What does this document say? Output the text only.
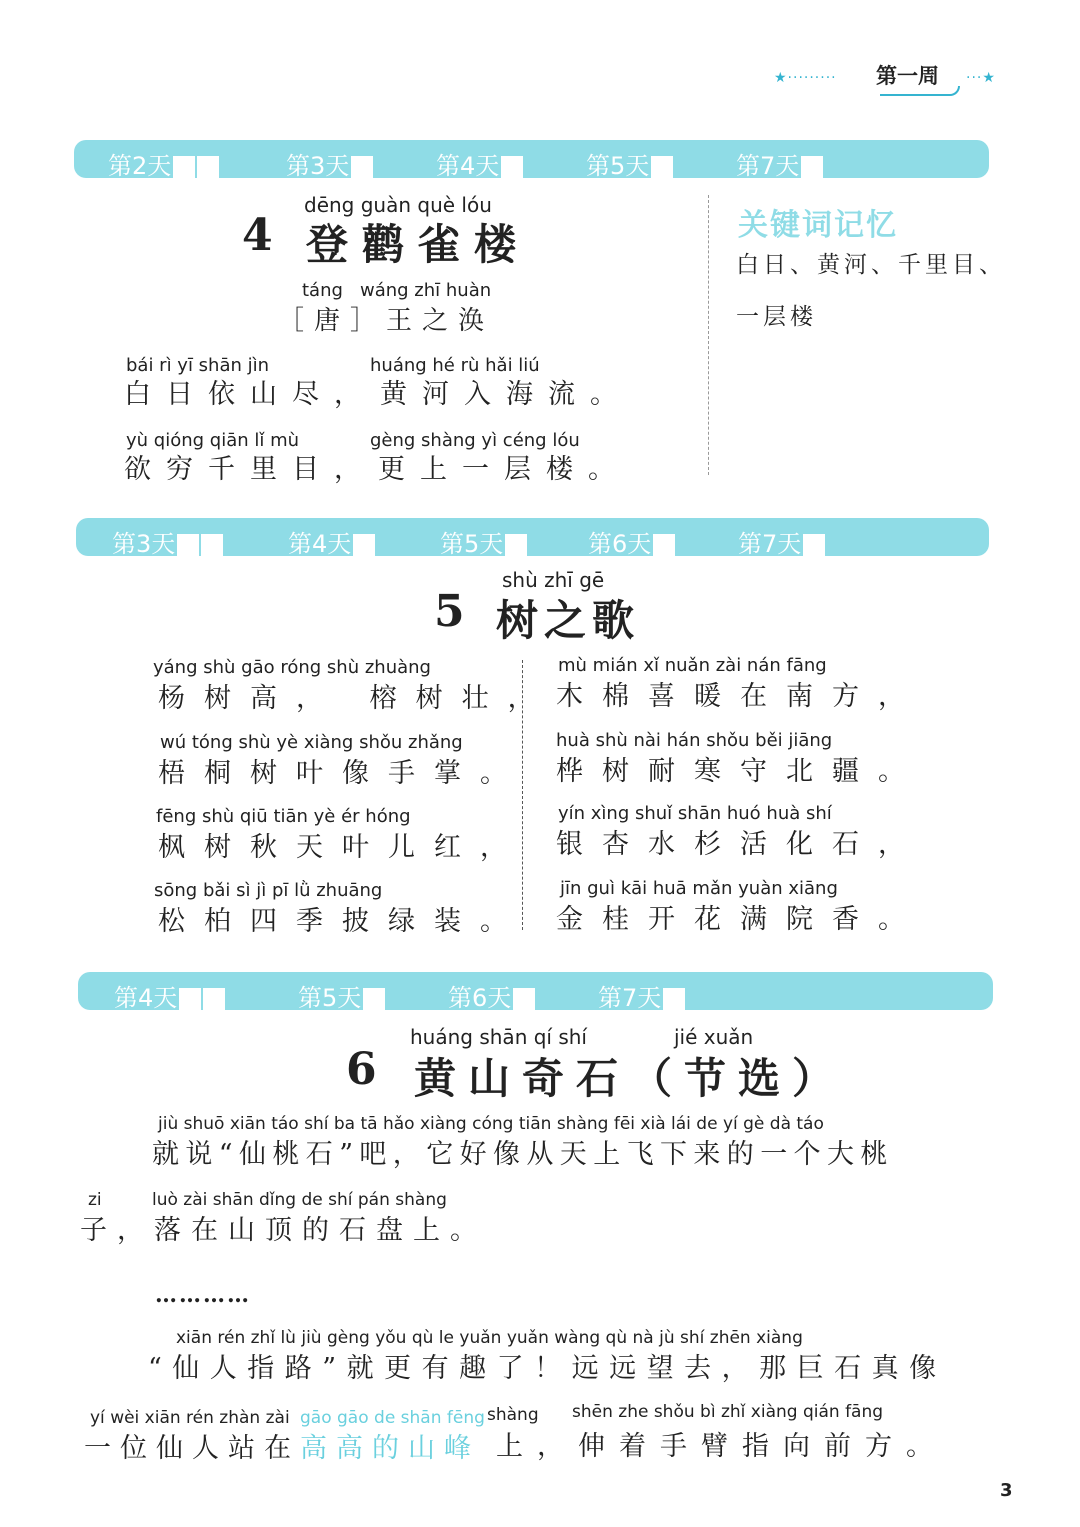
★········· 第一周 ···★
第2天	第3天	第4天	第5天	第7天
dēng guàn què lóu
4 登鹳雀楼
táng wáng zhī huàn
［唐］王之涣
bái rì yī shān jìn
白日依山尽，
huáng hé rù hǎi liú
黄河入海流。
yù qióng qiān lǐ mù
欲穷千里目，
gèng shàng yì céng lóu
更上一层楼。
关键词记忆
白日、黄河、千里目、
一层楼
第3天	第4天	第5天	第6天	第7天
shù zhī gē
5 树之歌
yáng shù gāo róng shù zhuàng
杨树高， 榕树壮，
wú tóng shù yè xiàng shǒu zhǎng
梧桐树叶像手掌。
fēng shù qiū tiān yè ér hóng
枫树秋天叶儿红，
sōng bǎi sì jì pī lǜ zhuāng
松柏四季披绿装。
mù mián xǐ nuǎn zài nán fāng
木棉喜暖在南方，
huà shù nài hán shǒu běi jiāng
桦树耐寒守北疆。
yín xìng shuǐ shān huó huà shí
银杏水杉活化石，
jīn guì kāi huā mǎn yuàn xiāng
金桂开花满院香。
第4天	第5天	第6天	第7天
huáng shān qí shí	jié xuǎn
6 黄山奇石（节选）
jiù shuō xiān táo shí ba tā hǎo xiàng cóng tiān shàng fēi xià lái de yí gè dà táo
就说“仙桃石”吧，它好像从天上飞下来的一个大桃
zi	luò zài shān dǐng de shí pán shàng
子，落在山顶的石盘上。
…………
xiān rén zhǐ lù jiù gèng yǒu qù le yuǎn yuǎn wàng qù nà jù shí zhēn xiàng
“仙人指路”就更有趣了！远远望去，那巨石真像
yí wèi xiān rén zhàn zài gāo gāo de shān fēng shàng shēn zhe shǒu bì zhǐ xiàng qián fāng
一位仙人站在 高高的山峰 上，伸着手臂指向前方。
3
